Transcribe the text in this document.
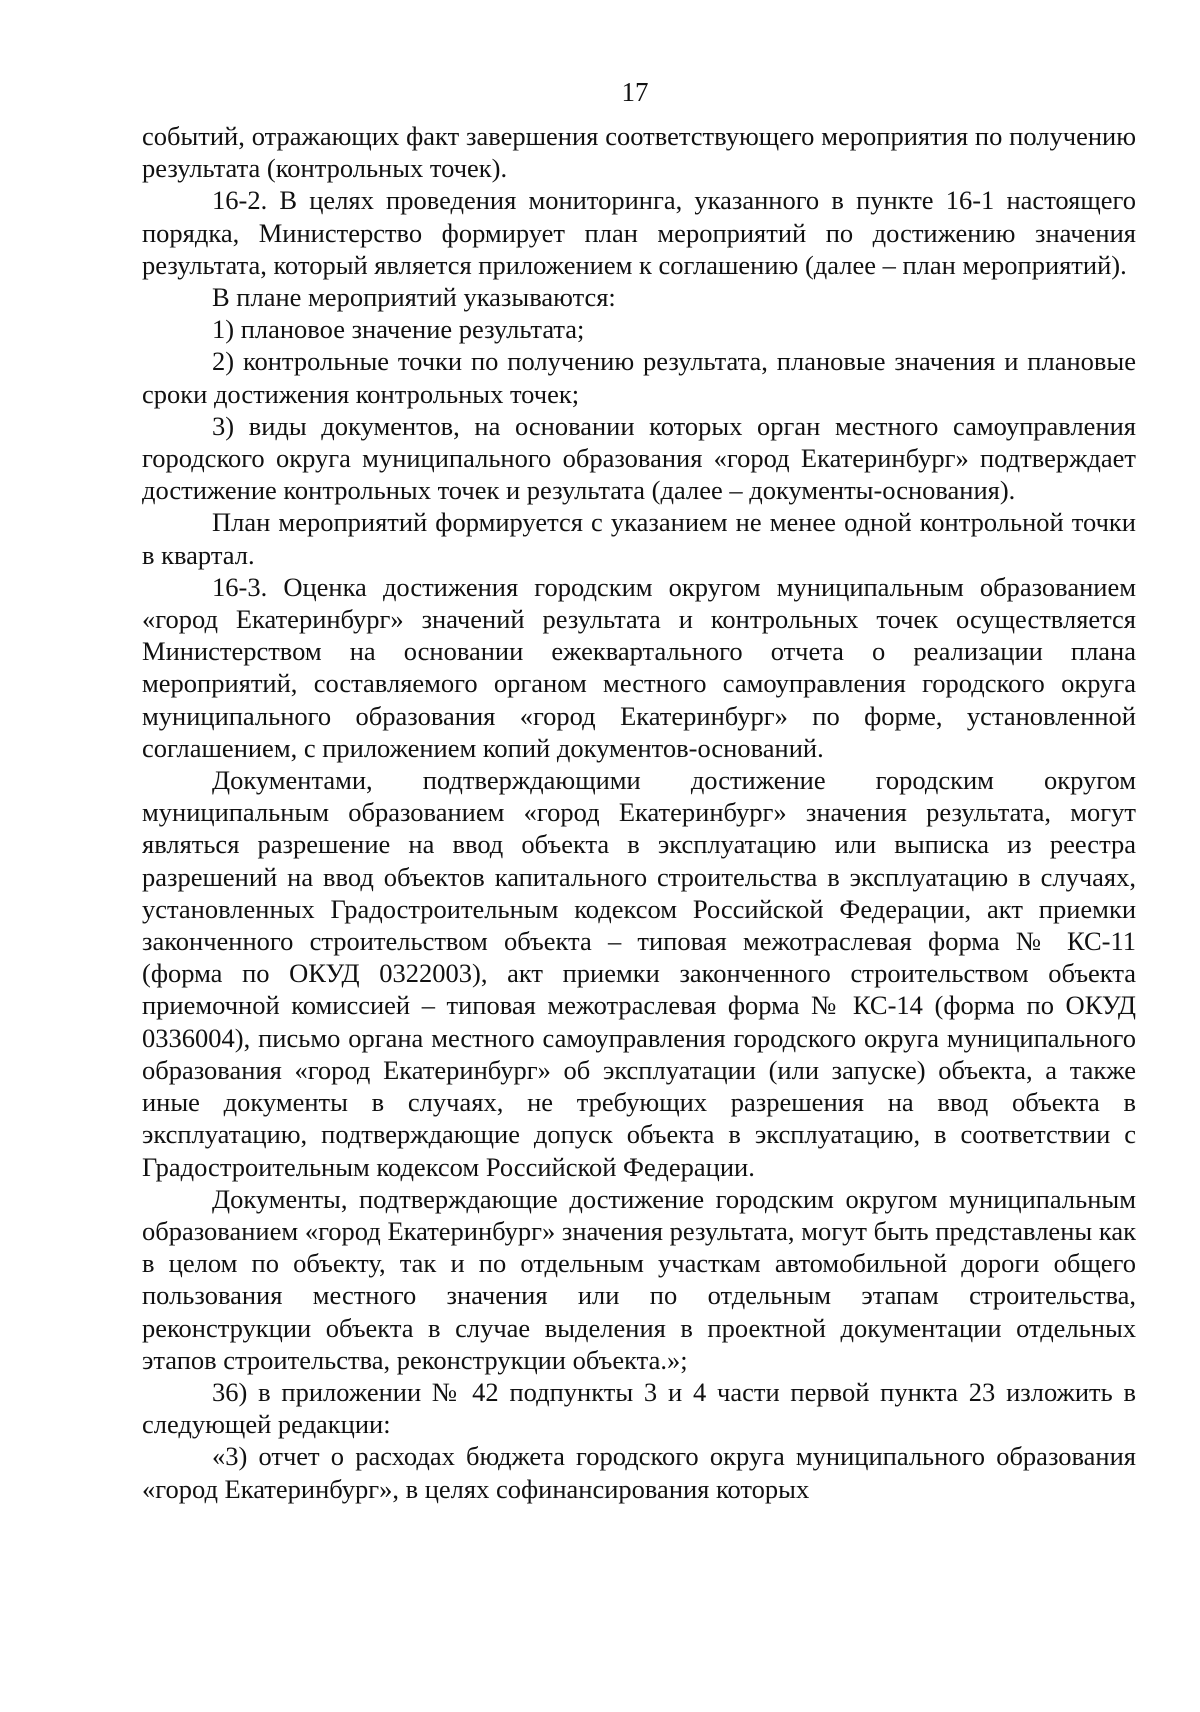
17

событий, отражающих факт завершения соответствующего мероприятия по получению результата (контрольных точек).

16-2. В целях проведения мониторинга, указанного в пункте 16-1 настоящего порядка, Министерство формирует план мероприятий по достижению значения результата, который является приложением к соглашению (далее – план мероприятий).

В плане мероприятий указываются:

1) плановое значение результата;

2) контрольные точки по получению результата, плановые значения и плановые сроки достижения контрольных точек;

3) виды документов, на основании которых орган местного самоуправления городского округа муниципального образования «город Екатеринбург» подтверждает достижение контрольных точек и результата (далее – документы-основания).

План мероприятий формируется с указанием не менее одной контрольной точки в квартал.

16-3. Оценка достижения городским округом муниципальным образованием «город Екатеринбург» значений результата и контрольных точек осуществляется Министерством на основании ежеквартального отчета о реализации плана мероприятий, составляемого органом местного самоуправления городского округа муниципального образования «город Екатеринбург» по форме, установленной соглашением, с приложением копий документов-оснований.

Документами, подтверждающими достижение городским округом муниципальным образованием «город Екатеринбург» значения результата, могут являться разрешение на ввод объекта в эксплуатацию или выписка из реестра разрешений на ввод объектов капитального строительства в эксплуатацию в случаях, установленных Градостроительным кодексом Российской Федерации, акт приемки законченного строительством объекта – типовая межотраслевая форма № КС-11 (форма по ОКУД 0322003), акт приемки законченного строительством объекта приемочной комиссией – типовая межотраслевая форма № КС-14 (форма по ОКУД 0336004), письмо органа местного самоуправления городского округа муниципального образования «город Екатеринбург» об эксплуатации (или запуске) объекта, а также иные документы в случаях, не требующих разрешения на ввод объекта в эксплуатацию, подтверждающие допуск объекта в эксплуатацию, в соответствии с Градостроительным кодексом Российской Федерации.

Документы, подтверждающие достижение городским округом муниципальным образованием «город Екатеринбург» значения результата, могут быть представлены как в целом по объекту, так и по отдельным участкам автомобильной дороги общего пользования местного значения или по отдельным этапам строительства, реконструкции объекта в случае выделения в проектной документации отдельных этапов строительства, реконструкции объекта.»;

36) в приложении № 42 подпункты 3 и 4 части первой пункта 23 изложить в следующей редакции:

«3) отчет о расходах бюджета городского округа муниципального образования «город Екатеринбург», в целях софинансирования которых
